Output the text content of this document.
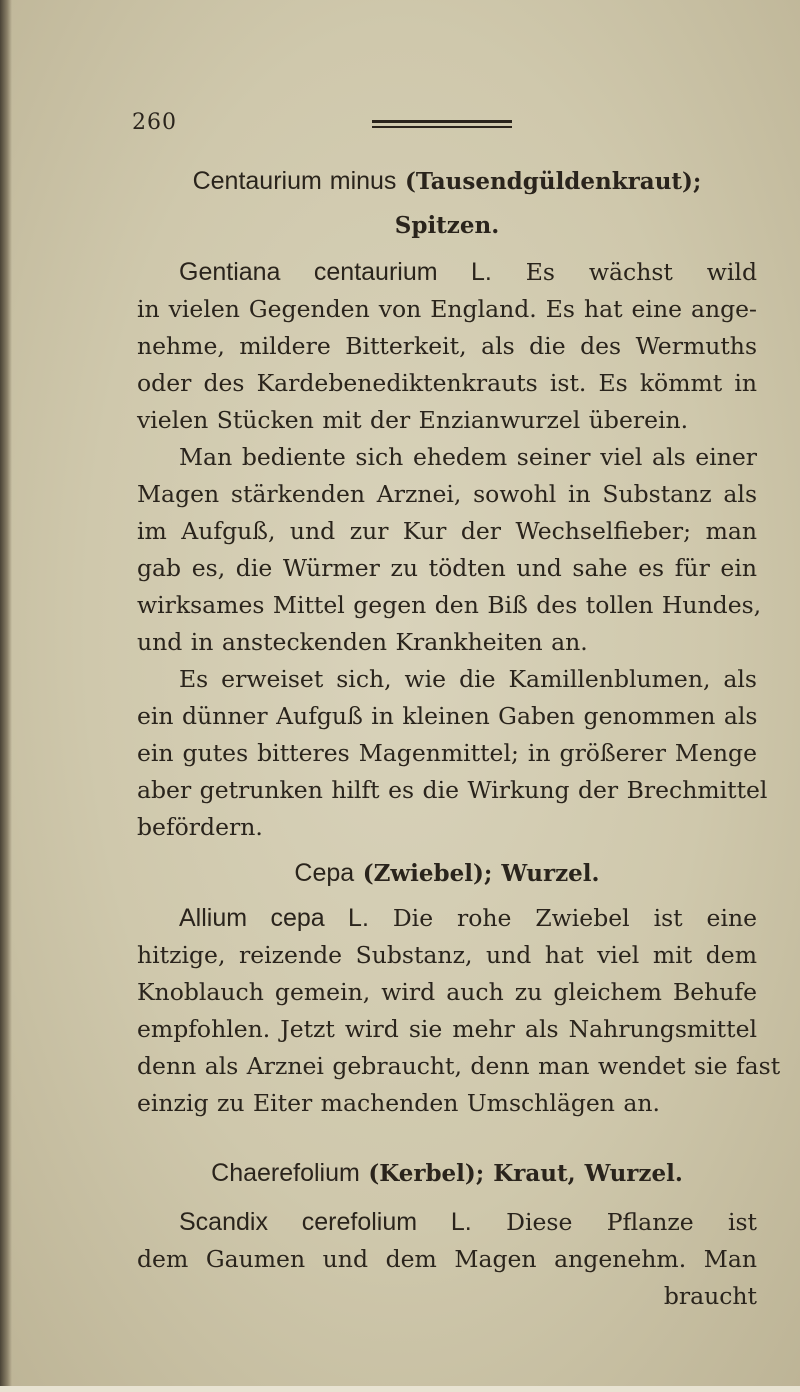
260
Centaurium minus (Tausendgüldenkraut);
Spitzen.
Gentiana centaurium L. Es wächst wild
in vielen Gegenden von England. Es hat eine ange-
nehme, mildere Bitterkeit, als die des Wermuths
oder des Kardebenediktenkrauts ist. Es kömmt in
vielen Stücken mit der Enzianwurzel überein.
Man bediente sich ehedem seiner viel als einer
Magen stärkenden Arznei, sowohl in Substanz als
im Aufguß, und zur Kur der Wechselfieber; man
gab es, die Würmer zu tödten und sahe es für ein
wirksames Mittel gegen den Biß des tollen Hundes,
und in ansteckenden Krankheiten an.
Es erweiset sich, wie die Kamillenblumen, als
ein dünner Aufguß in kleinen Gaben genommen als
ein gutes bitteres Magenmittel; in größerer Menge
aber getrunken hilft es die Wirkung der Brechmittel
befördern.
Cepa (Zwiebel); Wurzel.
Allium cepa L. Die rohe Zwiebel ist eine
hitzige, reizende Substanz, und hat viel mit dem
Knoblauch gemein, wird auch zu gleichem Behufe
empfohlen. Jetzt wird sie mehr als Nahrungsmittel
denn als Arznei gebraucht, denn man wendet sie fast
einzig zu Eiter machenden Umschlägen an.
Chaerefolium (Kerbel); Kraut, Wurzel.
Scandix cerefolium L. Diese Pflanze ist
dem Gaumen und dem Magen angenehm. Man
braucht
